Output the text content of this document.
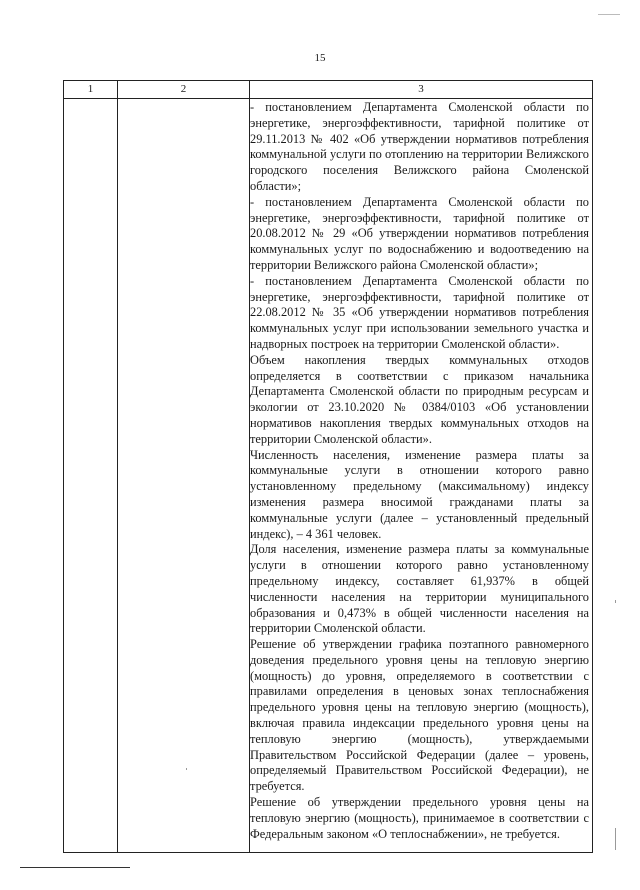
15
1	2	3

- постановлением Департамента Смоленской области по энергетике, энергоэффективности, тарифной политике от 29.11.2013 № 402 «Об утверждении нормативов потребления коммунальной услуги по отоплению на территории Велижского городского поселения Велижского района Смоленской области»;

- постановлением Департамента Смоленской области по энергетике, энергоэффективности, тарифной политике от 20.08.2012 № 29 «Об утверждении нормативов потребления коммунальных услуг по водоснабжению и водоотведению на территории Велижского района Смоленской области»;

- постановлением Департамента Смоленской области по энергетике, энергоэффективности, тарифной политике от 22.08.2012 № 35 «Об утверждении нормативов потребления коммунальных услуг при использовании земельного участка и надворных построек на территории Смоленской области».

Объем накопления твердых коммунальных отходов определяется в соответствии с приказом начальника Департамента Смоленской области по природным ресурсам и экологии от 23.10.2020 № 0384/0103 «Об установлении нормативов накопления твердых коммунальных отходов на территории Смоленской области».

Численность населения, изменение размера платы за коммунальные услуги в отношении которого равно установленному предельному (максимальному) индексу изменения размера вносимой гражданами платы за коммунальные услуги (далее – установленный предельный индекс), – 4 361 человек.

Доля населения, изменение размера платы за коммунальные услуги в отношении которого равно установленному предельному индексу, составляет 61,937% в общей численности населения на территории муниципального образования и 0,473% в общей численности населения на территории Смоленской области.

Решение об утверждении графика поэтапного равномерного доведения предельного уровня цены на тепловую энергию (мощность) до уровня, определяемого в соответствии с правилами определения в ценовых зонах теплоснабжения предельного уровня цены на тепловую энергию (мощность), включая правила индексации предельного уровня цены на тепловую энергию (мощность), утверждаемыми Правительством Российской Федерации (далее – уровень, определяемый Правительством Российской Федерации), не требуется.

Решение об утверждении предельного уровня цены на тепловую энергию (мощность), принимаемое в соответствии с Федеральным законом «О теплоснабжении», не требуется.
